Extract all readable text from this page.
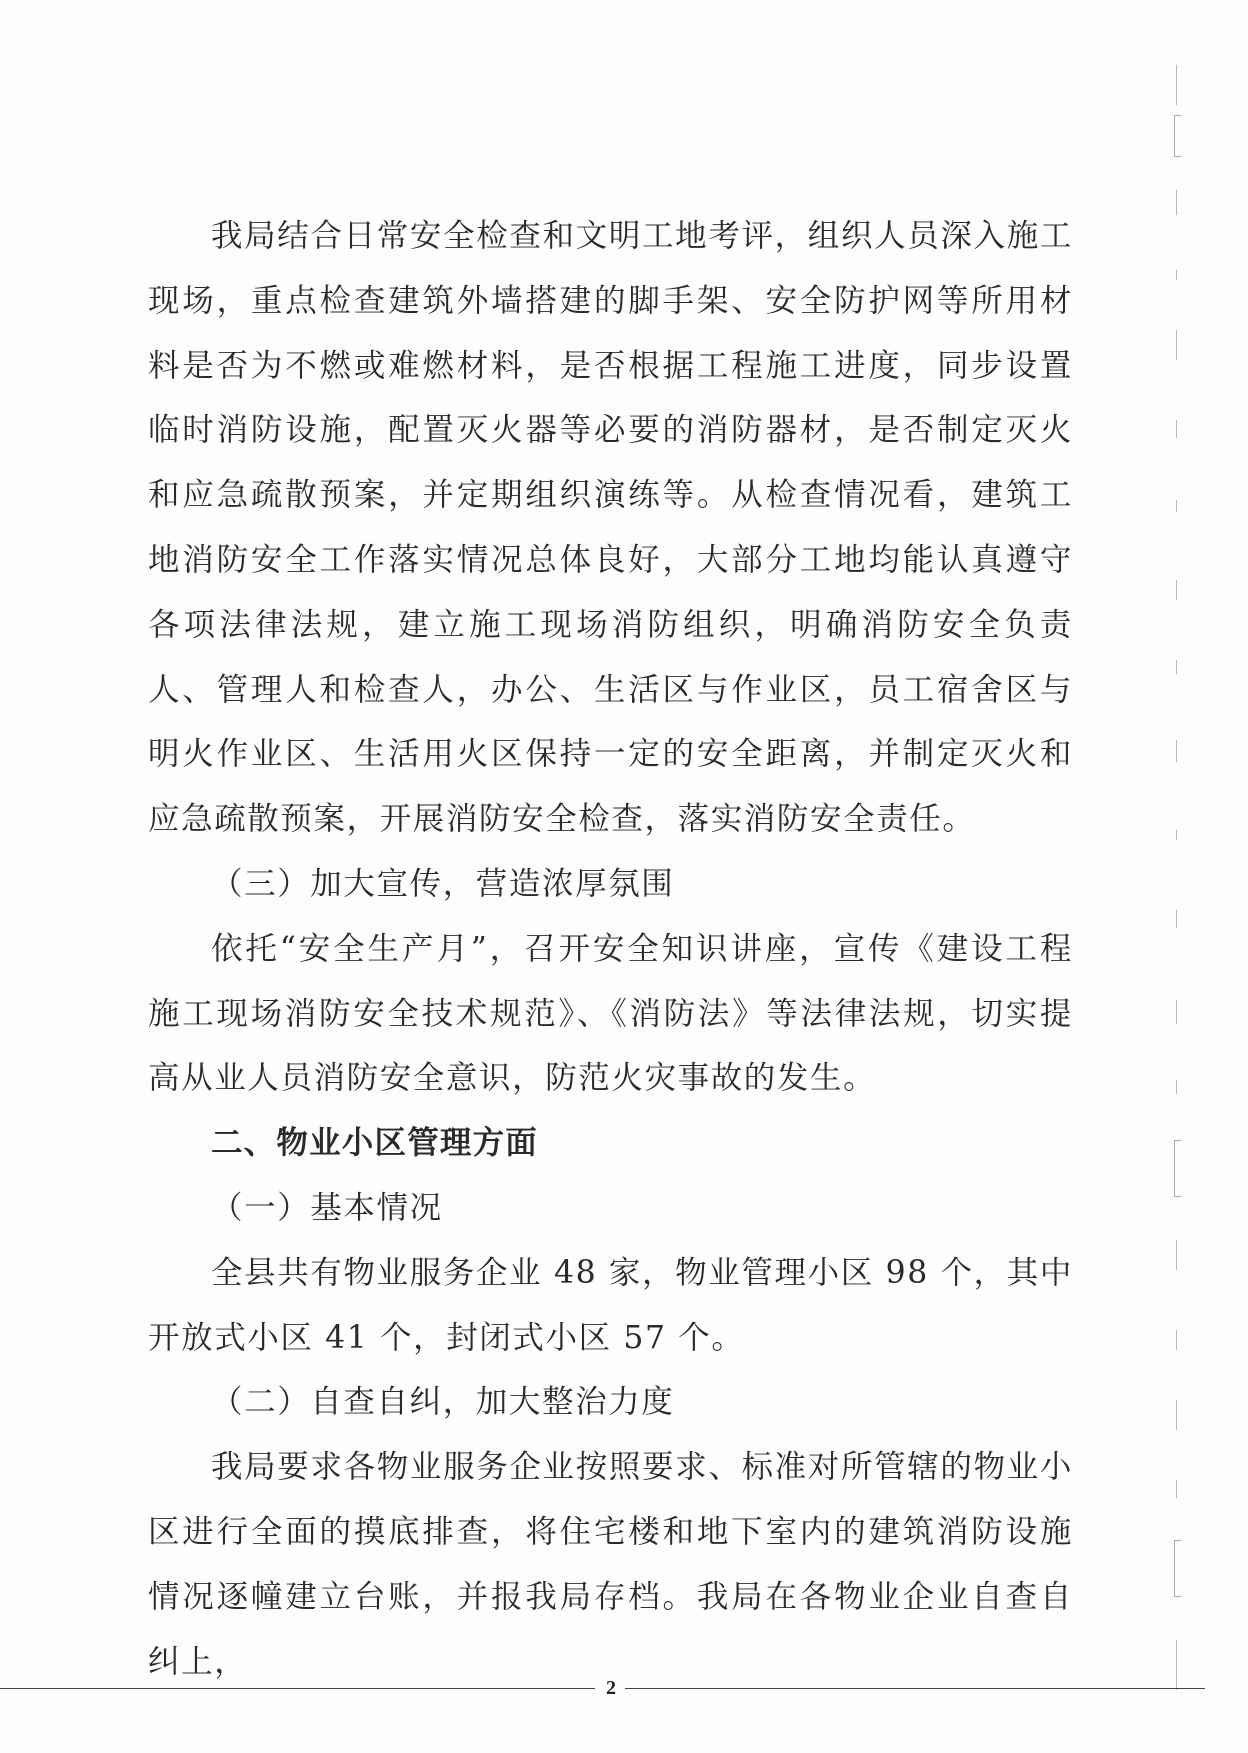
我局结合日常安全检查和文明工地考评，组织人员深入施工现场，重点检查建筑外墙搭建的脚手架、安全防护网等所用材料是否为不燃或难燃材料，是否根据工程施工进度，同步设置临时消防设施，配置灭火器等必要的消防器材，是否制定灭火和应急疏散预案，并定期组织演练等。从检查情况看，建筑工地消防安全工作落实情况总体良好，大部分工地均能认真遵守各项法律法规，建立施工现场消防组织，明确消防安全负责人、管理人和检查人，办公、生活区与作业区，员工宿舍区与明火作业区、生活用火区保持一定的安全距离，并制定灭火和应急疏散预案，开展消防安全检查，落实消防安全责任。

（三）加大宣传，营造浓厚氛围

依托“安全生产月”，召开安全知识讲座，宣传《建设工程施工现场消防安全技术规范》、《消防法》等法律法规，切实提高从业人员消防安全意识，防范火灾事故的发生。

二、物业小区管理方面

（一）基本情况

全县共有物业服务企业 48 家，物业管理小区 98 个，其中开放式小区 41 个，封闭式小区 57 个。

（二）自查自纠，加大整治力度

我局要求各物业服务企业按照要求、标准对所管辖的物业小区进行全面的摸底排查，将住宅楼和地下室内的建筑消防设施情况逐幢建立台账，并报我局存档。我局在各物业企业自查自纠上，

2
